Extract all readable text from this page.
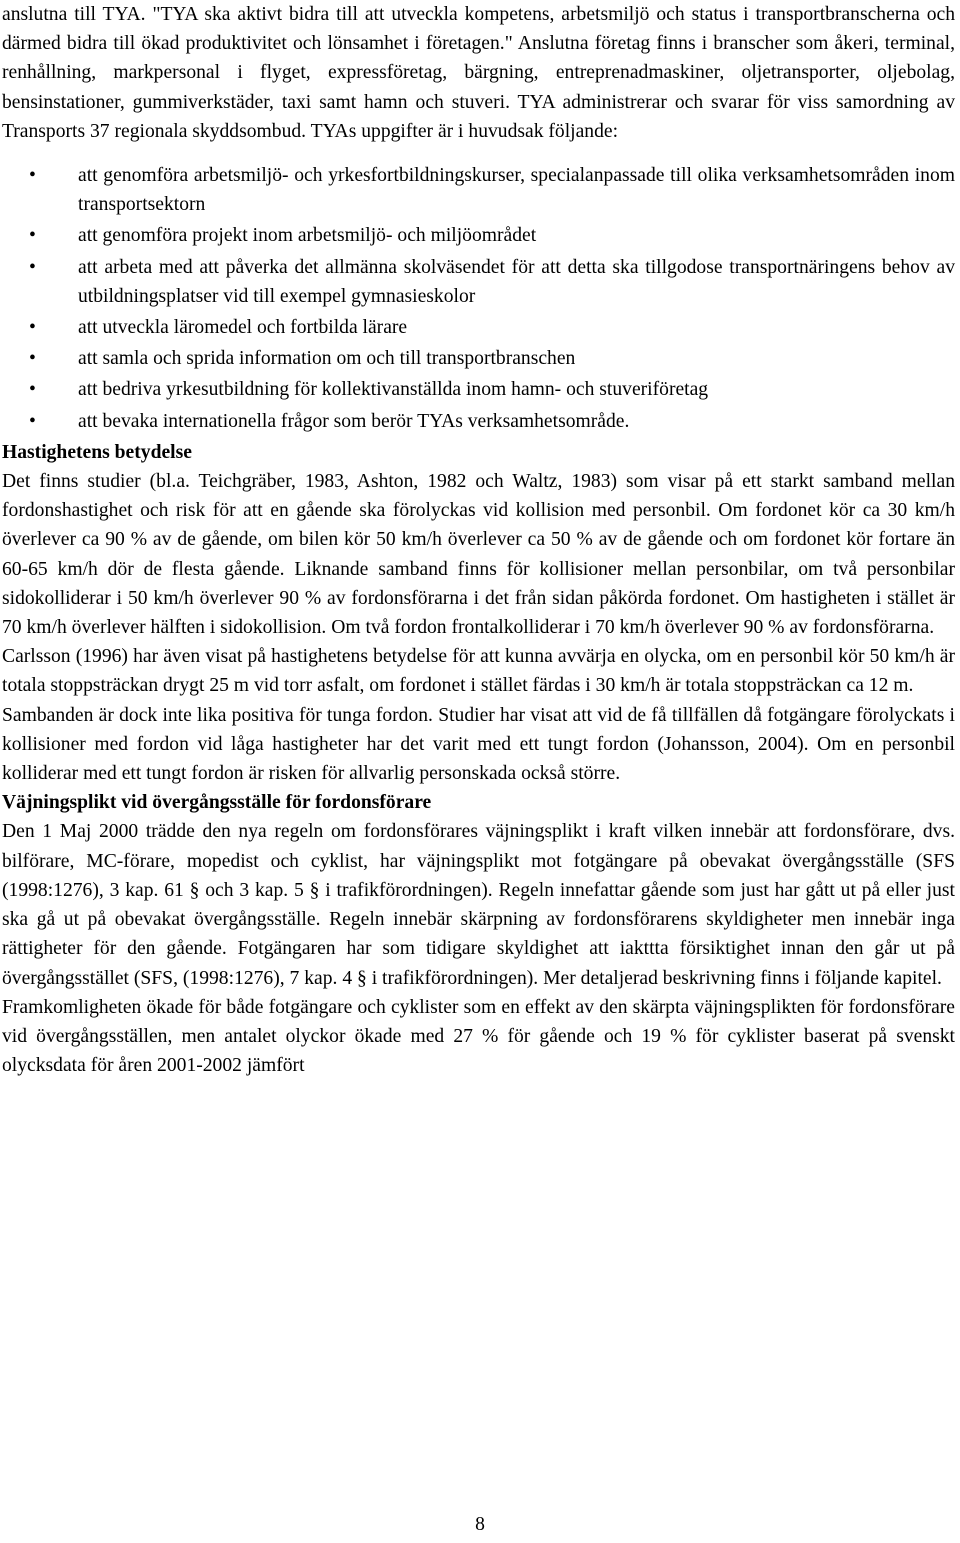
anslutna till TYA. "TYA ska aktivt bidra till att utveckla kompetens, arbetsmiljö och status i transportbranscherna och därmed bidra till ökad produktivitet och lönsamhet i företagen." Anslutna företag finns i branscher som åkeri, terminal, renhållning, markpersonal i flyget, expressföretag, bärgning, entreprenadmaskiner, oljetransporter, oljebolag, bensinstationer, gummiverkstäder, taxi samt hamn och stuveri. TYA administrerar och svarar för viss samordning av Transports 37 regionala skyddsombud. TYAs uppgifter är i huvudsak följande:

•	att genomföra arbetsmiljö- och yrkesfortbildningskurser, specialanpassade till olika verksamhetsområden inom transportsektorn
•	att genomföra projekt inom arbetsmiljö- och miljöområdet
•	att arbeta med att påverka det allmänna skolväsendet för att detta ska tillgodose transportnäringens behov av utbildningsplatser vid till exempel gymnasieskolor
•	att utveckla läromedel och fortbilda lärare
•	att samla och sprida information om och till transportbranschen
•	att bedriva yrkesutbildning för kollektivanställda inom hamn- och stuveriföretag
•	att bevaka internationella frågor som berör TYAs verksamhetsområde.
Hastighetens betydelse

Det finns studier (bl.a. Teichgräber, 1983, Ashton, 1982 och Waltz, 1983) som visar på ett starkt samband mellan fordonshastighet och risk för att en gående ska förolyckas vid kollision med personbil. Om fordonet kör ca 30 km/h överlever ca 90 % av de gående, om bilen kör 50 km/h överlever ca 50 % av de gående och om fordonet kör fortare än 60-65 km/h dör de flesta gående. Liknande samband finns för kollisioner mellan personbilar, om två personbilar sidokolliderar i 50 km/h överlever 90 % av fordonsförarna i det från sidan påkörda fordonet. Om hastigheten i stället är 70 km/h överlever hälften i sidokollision. Om två fordon frontalkolliderar i 70 km/h överlever 90 % av fordonsförarna.

Carlsson (1996) har även visat på hastighetens betydelse för att kunna avvärja en olycka, om en personbil kör 50 km/h är totala stoppsträckan drygt 25 m vid torr asfalt, om fordonet i stället färdas i 30 km/h är totala stoppsträckan ca 12 m.

Sambanden är dock inte lika positiva för tunga fordon. Studier har visat att vid de få tillfällen då fotgängare förolyckats i kollisioner med fordon vid låga hastigheter har det varit med ett tungt fordon (Johansson, 2004). Om en personbil kolliderar med ett tungt fordon är risken för allvarlig personskada också större.

Väjningsplikt vid övergångsställe för fordonsförare

Den 1 Maj 2000 trädde den nya regeln om fordonsförares väjningsplikt i kraft vilken innebär att fordonsförare, dvs. bilförare, MC-förare, mopedist och cyklist, har väjningsplikt mot fotgängare på obevakat övergångsställe (SFS (1998:1276), 3 kap. 61 § och 3 kap. 5 § i trafikförordningen). Regeln innefattar gående som just har gått ut på eller just ska gå ut på obevakat övergångsställe. Regeln innebär skärpning av fordonsförarens skyldigheter men innebär inga rättigheter för den gående. Fotgängaren har som tidigare skyldighet att iakttta försiktighet innan den går ut på övergångsstället (SFS, (1998:1276), 7 kap. 4 § i trafikförordningen). Mer detaljerad beskrivning finns i följande kapitel.

Framkomligheten ökade för både fotgängare och cyklister som en effekt av den skärpta väjningsplikten för fordonsförare vid övergångsställen, men antalet olyckor ökade med 27 % för gående och 19 % för cyklister baserat på svenskt olycksdata för åren 2001-2002 jämfört

8
